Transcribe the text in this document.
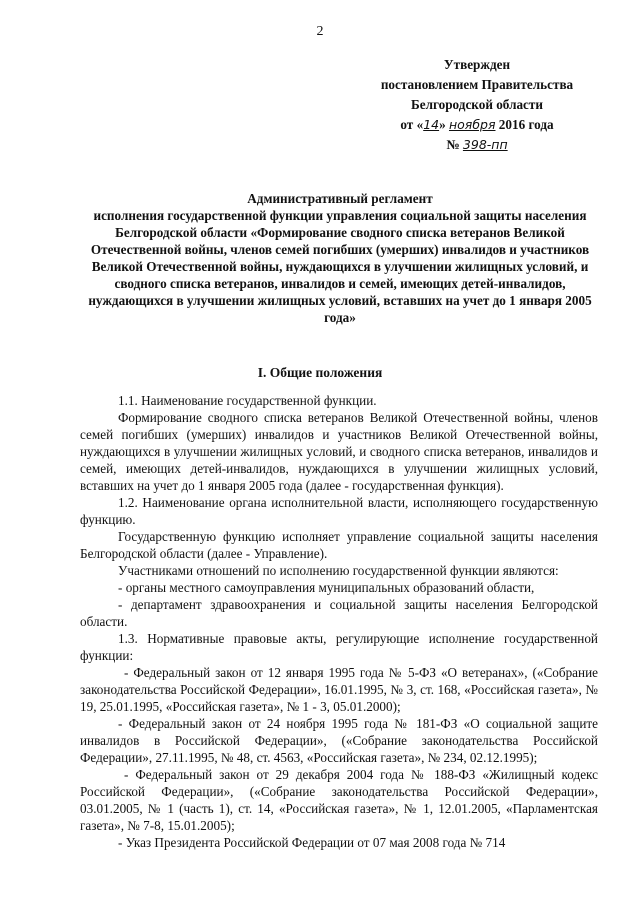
2
Утвержден
постановлением Правительства
Белгородской области
от «14» ноября 2016 года
№ 398-пп
Административный регламент
исполнения государственной функции управления социальной защиты населения Белгородской области «Формирование сводного списка ветеранов Великой Отечественной войны, членов семей погибших (умерших) инвалидов и участников Великой Отечественной войны, нуждающихся в улучшении жилищных условий, и сводного списка ветеранов, инвалидов и семей, имеющих детей-инвалидов, нуждающихся в улучшении жилищных условий, вставших на учет до 1 января 2005 года»
I. Общие положения

1.1. Наименование государственной функции.

Формирование сводного списка ветеранов Великой Отечественной войны, членов семей погибших (умерших) инвалидов и участников Великой Отечественной войны, нуждающихся в улучшении жилищных условий, и сводного списка ветеранов, инвалидов и семей, имеющих детей-инвалидов, нуждающихся в улучшении жилищных условий, вставших на учет до 1 января 2005 года (далее - государственная функция).

1.2. Наименование органа исполнительной власти, исполняющего государственную функцию.

Государственную функцию исполняет управление социальной защиты населения Белгородской области (далее - Управление).

Участниками отношений по исполнению государственной функции являются:

- органы местного самоуправления муниципальных образований области,

- департамент здравоохранения и социальной защиты населения Белгородской области.

1.3. Нормативные правовые акты, регулирующие исполнение государственной функции:

- Федеральный закон от 12 января 1995 года № 5-ФЗ «О ветеранах», («Собрание законодательства Российской Федерации», 16.01.1995, № 3, ст. 168, «Российская газета», № 19, 25.01.1995, «Российская газета», № 1 - 3, 05.01.2000);

- Федеральный закон от 24 ноября 1995 года № 181-ФЗ «О социальной защите инвалидов в Российской Федерации», («Собрание законодательства Российской Федерации», 27.11.1995, № 48, ст. 4563, «Российская газета», № 234, 02.12.1995);

- Федеральный закон от 29 декабря 2004 года № 188-ФЗ «Жилищный кодекс Российской Федерации», («Собрание законодательства Российской Федерации», 03.01.2005, № 1 (часть 1), ст. 14, «Российская газета», № 1, 12.01.2005, «Парламентская газета», № 7-8, 15.01.2005);

- Указ Президента Российской Федерации от 07 мая 2008 года № 714
